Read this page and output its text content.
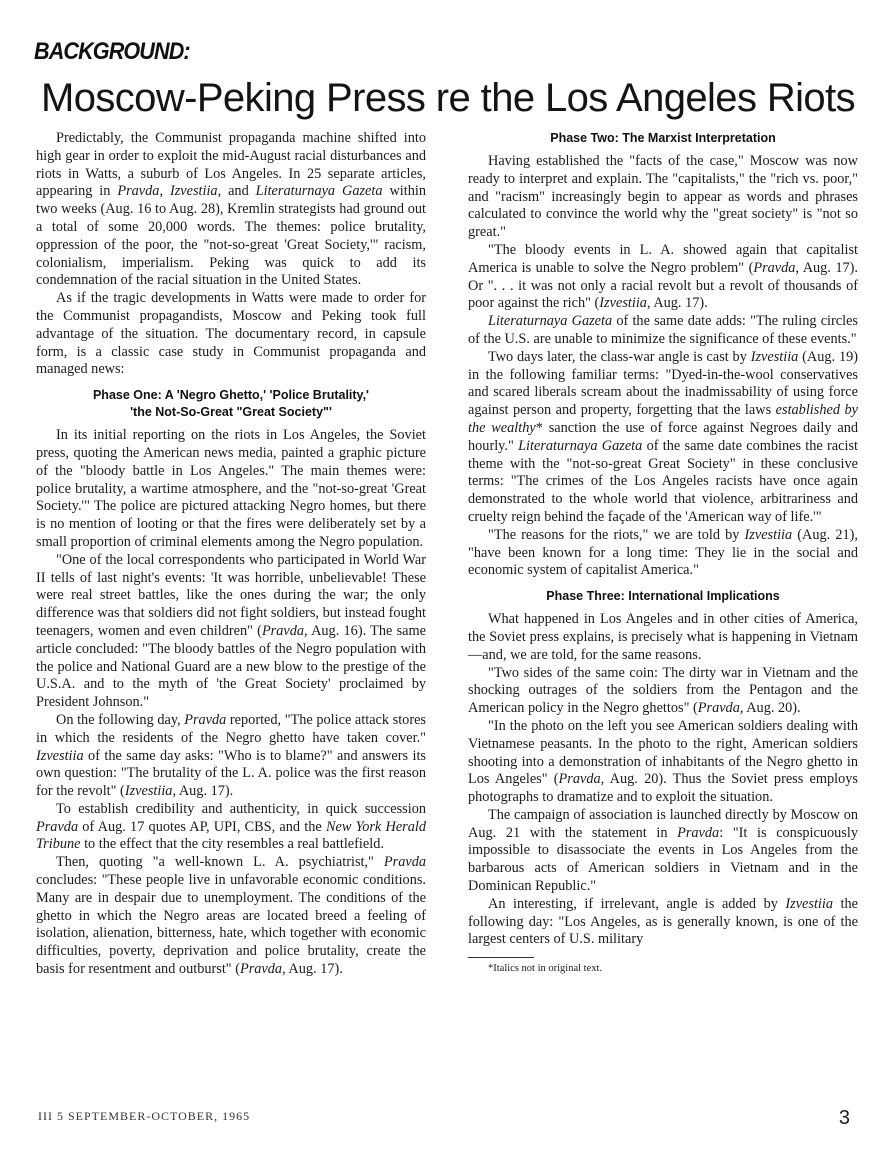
BACKGROUND:
Moscow-Peking Press re the Los Angeles Riots

Predictably, the Communist propaganda machine shifted into high gear in order to exploit the mid-August racial disturbances and riots in Watts, a suburb of Los Angeles. In 25 separate articles, appearing in Pravda, Izvestiia, and Literaturnaya Gazeta within two weeks (Aug. 16 to Aug. 28), Kremlin strategists had ground out a total of some 20,000 words. The themes: police brutality, oppression of the poor, the "not-so-great 'Great Society,'" racism, colonialism, imperialism. Peking was quick to add its condemnation of the racial situation in the United States.

As if the tragic developments in Watts were made to order for the Communist propagandists, Moscow and Peking took full advantage of the situation. The documentary record, in capsule form, is a classic case study in Communist propaganda and managed news:

Phase One: A 'Negro Ghetto,' 'Police Brutality,'
'the Not-So-Great "Great Society"'

In its initial reporting on the riots in Los Angeles, the Soviet press, quoting the American news media, painted a graphic picture of the "bloody battle in Los Angeles." The main themes were: police brutality, a wartime atmosphere, and the "not-so-great 'Great Society.'" The police are pictured attacking Negro homes, but there is no mention of looting or that the fires were deliberately set by a small proportion of criminal elements among the Negro population.

"One of the local correspondents who participated in World War II tells of last night's events: 'It was horrible, unbelievable! These were real street battles, like the ones during the war; the only difference was that soldiers did not fight soldiers, but instead fought teenagers, women and even children" (Pravda, Aug. 16). The same article concluded: "The bloody battles of the Negro population with the police and National Guard are a new blow to the prestige of the U.S.A. and to the myth of 'the Great Society' proclaimed by President Johnson."

On the following day, Pravda reported, "The police attack stores in which the residents of the Negro ghetto have taken cover." Izvestiia of the same day asks: "Who is to blame?" and answers its own question: "The brutality of the L. A. police was the first reason for the revolt" (Izvestiia, Aug. 17).

To establish credibility and authenticity, in quick succession Pravda of Aug. 17 quotes AP, UPI, CBS, and the New York Herald Tribune to the effect that the city resembles a real battlefield.

Then, quoting "a well-known L. A. psychiatrist," Pravda concludes: "These people live in unfavorable economic conditions. Many are in despair due to unemployment. The conditions of the ghetto in which the Negro areas are located breed a feeling of isolation, alienation, bitterness, hate, which together with economic difficulties, poverty, deprivation and police brutality, create the basis for resentment and outburst" (Pravda, Aug. 17).

Phase Two: The Marxist Interpretation

Having established the "facts of the case," Moscow was now ready to interpret and explain. The "capitalists," the "rich vs. poor," and "racism" increasingly begin to appear as words and phrases calculated to convince the world why the "great society" is "not so great."

"The bloody events in L. A. showed again that capitalist America is unable to solve the Negro problem" (Pravda, Aug. 17). Or ". . . it was not only a racial revolt but a revolt of thousands of poor against the rich" (Izvestiia, Aug. 17).

Literaturnaya Gazeta of the same date adds: "The ruling circles of the U.S. are unable to minimize the significance of these events."

Two days later, the class-war angle is cast by Izvestiia (Aug. 19) in the following familiar terms: "Dyed-in-the-wool conservatives and scared liberals scream about the inadmissability of using force against person and property, forgetting that the laws established by the wealthy* sanction the use of force against Negroes daily and hourly." Literaturnaya Gazeta of the same date combines the racist theme with the "not-so-great Great Society" in these conclusive terms: "The crimes of the Los Angeles racists have once again demonstrated to the whole world that violence, arbitrariness and cruelty reign behind the façade of the 'American way of life.'"

"The reasons for the riots," we are told by Izvestiia (Aug. 21), "have been known for a long time: They lie in the social and economic system of capitalist America."

Phase Three: International Implications

What happened in Los Angeles and in other cities of America, the Soviet press explains, is precisely what is happening in Vietnam—and, we are told, for the same reasons.

"Two sides of the same coin: The dirty war in Vietnam and the shocking outrages of the soldiers from the Pentagon and the American policy in the Negro ghettos" (Pravda, Aug. 20).

"In the photo on the left you see American soldiers dealing with Vietnamese peasants. In the photo to the right, American soldiers shooting into a demonstration of inhabitants of the Negro ghetto in Los Angeles" (Pravda, Aug. 20). Thus the Soviet press employs photographs to dramatize and to exploit the situation.

The campaign of association is launched directly by Moscow on Aug. 21 with the statement in Pravda: "It is conspicuously impossible to disassociate the events in Los Angeles from the barbarous acts of American soldiers in Vietnam and in the Dominican Republic."

An interesting, if irrelevant, angle is added by Izvestiia the following day: "Los Angeles, as is generally known, is one of the largest centers of U.S. military

*Italics not in original text.

III 5 SEPTEMBER-OCTOBER, 1965	3
